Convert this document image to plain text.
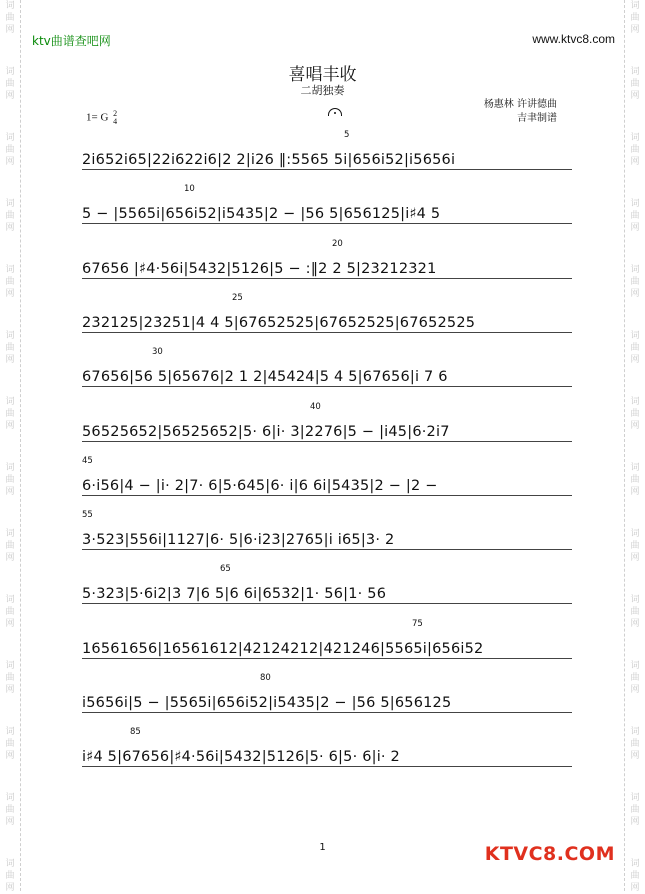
词
曲
网
词
曲
网
词
曲
网
词
曲
网
词
曲
网
词
曲
网
词
曲
网
词
曲
网
词
曲
网
词
曲
网
词
曲
网
词
曲
网
词
曲
网
词
曲
网
词
曲
网
词
曲
网
词
曲
网
词
曲
网
词
曲
网
词
曲
网
词
曲
网
词
曲
网
词
曲
网
词
曲
网
词
曲
网
词
曲
网
词
曲
网
词
曲
网
ktv曲谱查吧网	www.ktvc8.com
喜唱丰收
二胡独奏
1= G 2
4
杨惠林 许讲德曲
吉聿制谱
5
2i652i65|22i622i6|2 2|i26 ‖:5565 5i|656i52|i5656i
10
5 − |5565i|656i52|i5435|2 − |56 5|656125|i♯4 5
20
67656 |♯4·56i|5432|5126|5 − :‖2 2 5|23212321
25
232125|23251|4 4 5|67652525|67652525|67652525
30
67656|56 5|65676|2 1 2|45424|5 4 5|67656|i 7 6
40
56525652|56525652|5· 6|i· 3|2276|5 − |i45|6·2i7
45
6·i56|4 − |i· 2|7· 6|5·645|6· i|6 6i|5435|2 − |2 −
55
3·523|556i|1127|6· 5|6·i23|2765|i i65|3· 2
65
5·323|5·6i2|3 7|6 5|6 6i|6532|1· 56|1· 56
75
16561656|16561612|42124212|421246|5565i|656i52
80
i5656i|5 − |5565i|656i52|i5435|2 − |56 5|656125
85
i♯4 5|67656|♯4·56i|5432|5126|5· 6|5· 6|i· 2
1	KTVC8.COM
